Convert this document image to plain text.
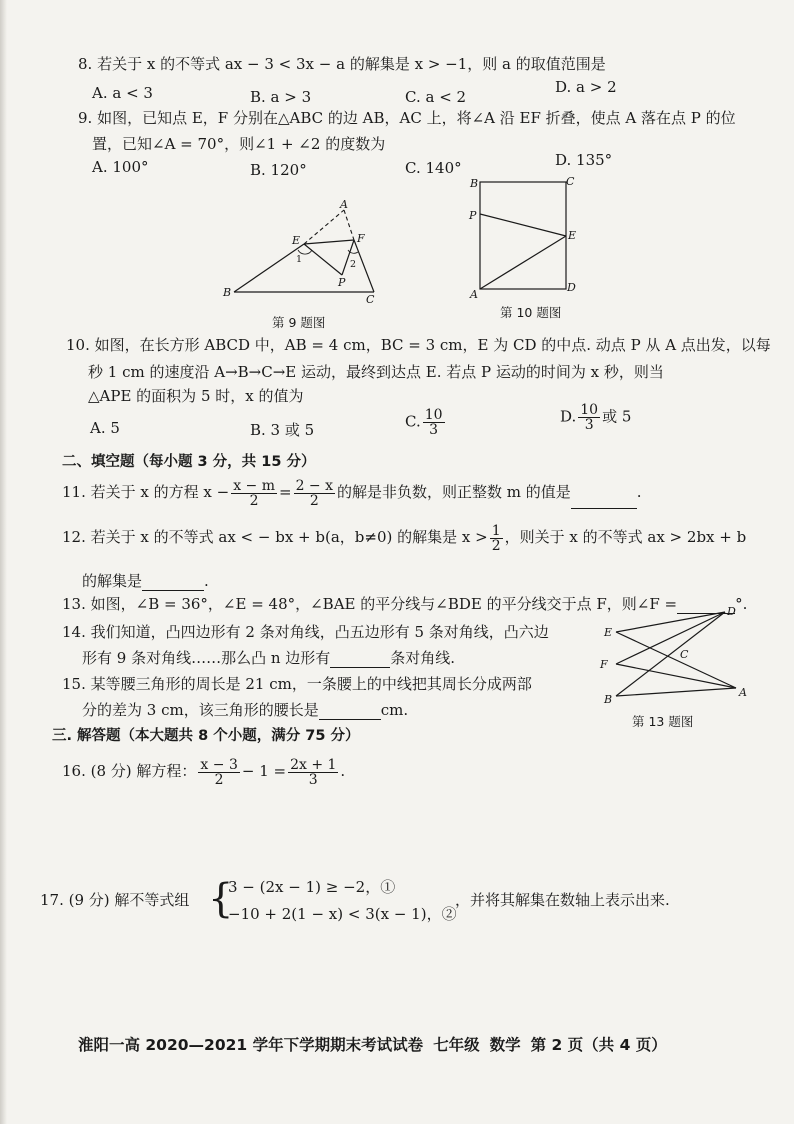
8. 若关于 x 的不等式 ax − 3 < 3x − a 的解集是 x > −1，则 a 的取值范围是
A. a < 3	B. a > 3	C. a < 2
D. a > 2
9. 如图，已知点 E，F 分别在△ABC 的边 AB，AC 上，将∠A 沿 EF 折叠，使点 A 落在点 P 的位
置，已知∠A = 70°，则∠1 + ∠2 的度数为
A. 100°	B. 120°	C. 140°	D. 135°
A
B
C
E	F
P
1	2
第 9 题图
B	C
P
E
A
D
第 10 题图
10. 如图，在长方形 ABCD 中，AB = 4 cm，BC = 3 cm，E 为 CD 的中点. 动点 P 从 A 点出发，以每
秒 1 cm 的速度沿 A→B→C→E 运动，最终到达点 E. 若点 P 运动的时间为 x 秒，则当
△APE 的面积为 5 时，x 的值为
A. 5	B. 3 或 5	C. $\frac{10}{3}$	D. $\frac{10}{3}$ 或 5
二、填空题（每小题 3 分，共 15 分）
11. 若关于 x 的方程 $x - \frac{x - m}{2} = \frac{2 - x}{2}$ 的解是非负数，则正整数 m 的值是	.
12. 若关于 x 的不等式 ax < − bx + b(a，b≠0) 的解集是 $x > \frac{1}{2}$ ，则关于 x 的不等式 ax > 2bx + b
的解集是	.
13. 如图，∠B = 36°，∠E = 48°，∠BAE 的平分线与∠BDE 的平分线交于点 F，则∠F =	°.
E
D
F
C
B
A
第 13 题图
14. 我们知道，凸四边形有 2 条对角线，凸五边形有 5 条对角线，凸六边
形有 9 条对角线……那么凸 n 边形有	条对角线.
15. 某等腰三角形的周长是 21 cm，一条腰上的中线把其周长分成两部
分的差为 3 cm，该三角形的腰长是	cm.
三. 解答题（本大题共 8 个小题，满分 75 分）
16. (8 分) 解方程： $\frac{x - 3}{2} - 1 = \frac{2x + 1}{3}$ .
17. (9 分) 解不等式组 {
3 − (2x − 1) ≥ −2，①
−10 + 2(1 − x) < 3(x − 1)，②
，并将其解集在数轴上表示出来.
淮阳一高 2020—2021 学年下学期期末考试试卷 七年级 数学 第 2 页（共 4 页）
